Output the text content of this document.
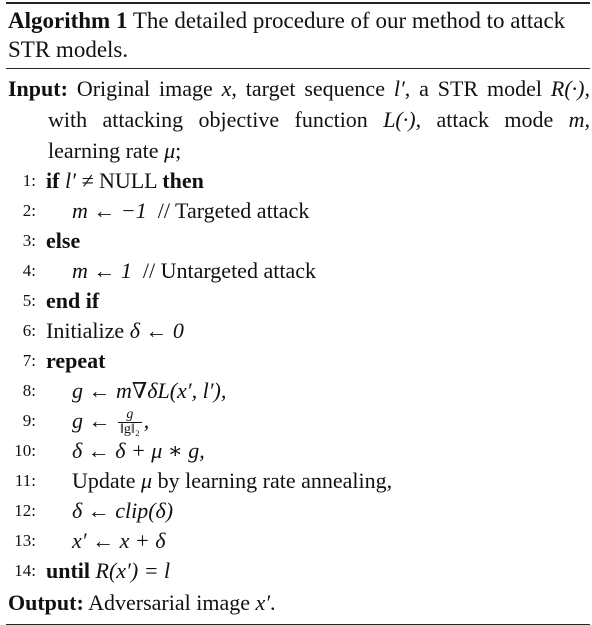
Algorithm 1 The detailed procedure of our method to attack STR models.
Input: Original image x, target sequence l′, a STR model R(·), with attacking objective function L(·), attack mode m, learning rate μ;
1: if l′ ≠ NULL then
2: m ← −1 // Targeted attack
3: else
4: m ← 1 // Untargeted attack
5: end if
6: Initialize δ ← 0
7: repeat
8: g ← m∇δL(x′, l′),
9: g ← $\frac{g}{\text{‖g‖₂}}$ ,
10: δ ← δ + μ ∗ g,
11: Update μ by learning rate annealing,
12: δ ← clip(δ)
13: x′ ← x + δ
14: until R(x′) = l
Output: Adversarial image x′.
